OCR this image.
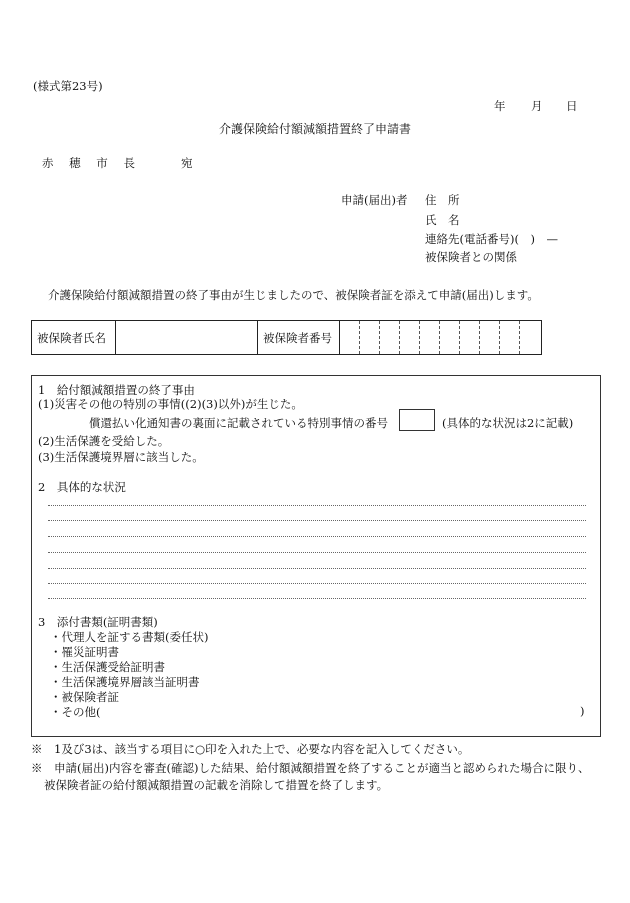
(様式第23号)
年 月 日
介護保険給付額減額措置終了申請書
赤 穂 市 長	宛
申請(届出)者 住　所
氏　名
連絡先(電話番号)(　)　—
被保険者との関係
介護保険給付額減額措置の終了事由が生じましたので、被保険者証を添えて申請(届出)します。
被保険者氏名		被保険者番号										
1　給付額減額措置の終了事由
(1)災害その他の特別の事情((2)(3)以外)が生じた。
償還払い化通知書の裏面に記載されている特別事情の番号	(具体的な状況は2に記載)
(2)生活保護を受給した。
(3)生活保護境界層に該当した。
2　具体的な状況
3　添付書類(証明書類)
・代理人を証する書類(委任状)
・罹災証明書
・生活保護受給証明書
・生活保護境界層該当証明書
・被保険者証
・その他(	)
※　1及び3は、該当する項目に○印を入れた上で、必要な内容を記入してください。
※　申請(届出)内容を審査(確認)した結果、給付額減額措置を終了することが適当と認められた場合に限り、
被保険者証の給付額減額措置の記載を消除して措置を終了します。
